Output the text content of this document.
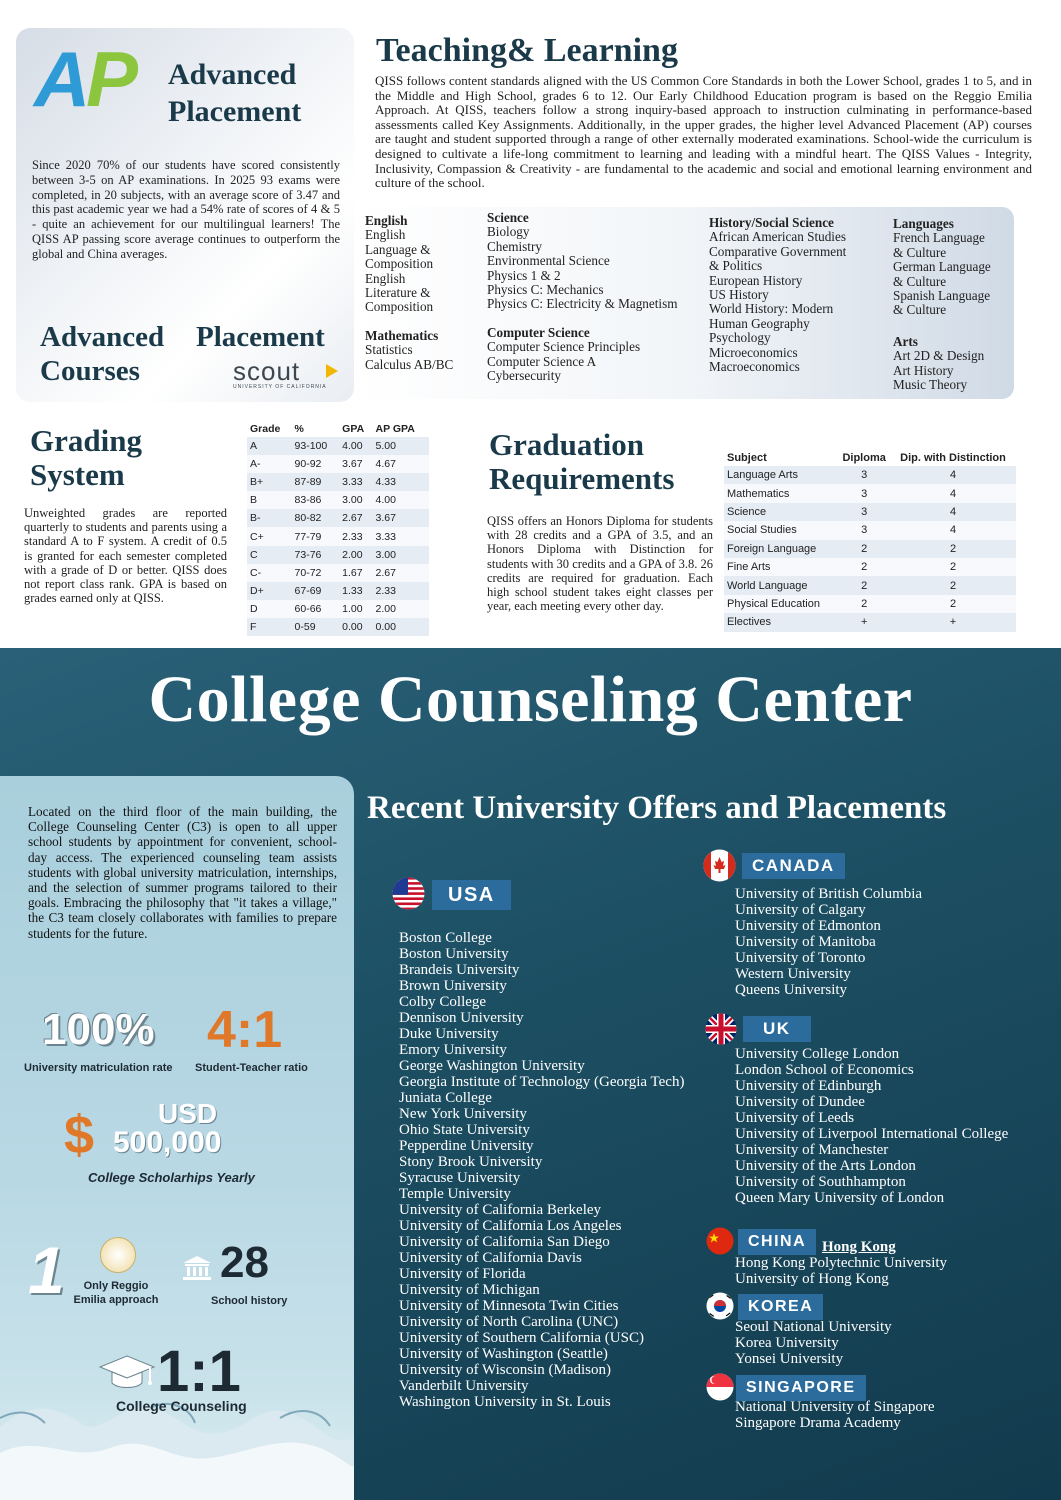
A P Advanced Placement
Since 2020 70% of our students have scored consistently between 3-5 on AP examinations. In 2025 93 exams were completed, in 20 subjects, with an average score of 3.47 and this past academic year we had a 54% rate of scores of 4 & 5 - quite an achievement for our multilingual learners! The QISS AP passing score average continues to outperform the global and China averages.
Advanced Courses
Placement
scout
UNIVERSITY OF CALIFORNIA
Teaching& Learning
QISS follows content standards aligned with the US Common Core Standards in both the Lower School, grades 1 to 5, and in the Middle and High School, grades 6 to 12. Our Early Childhood Education program is based on the Reggio Emilia Approach. At QISS, teachers follow a strong inquiry-based approach to instruction culminating in performance-based assessments called Key Assignments. Additionally, in the upper grades, the higher level Advanced Placement (AP) courses are taught and student supported through a range of other externally moderated examinations. School-wide the curriculum is designed to cultivate a life-long commitment to learning and leading with a mindful heart. The QISS Values - Integrity, Inclusivity, Compassion & Creativity - are fundamental to the academic and social and emotional learning environment and culture of the school.
English
English
Language &
Composition
English
Literature &
Composition
Mathematics
Statistics
Calculus AB/BC
Science
Biology
Chemistry
Environmental Science
Physics 1 & 2
Physics C: Mechanics
Physics C: Electricity & Magnetism
Computer Science
Computer Science Principles
Computer Science A
Cybersecurity
History/Social Science
African American Studies
Comparative Government
& Politics
European History
US History
World History: Modern
Human Geography
Psychology
Microeconomics
Macroeconomics
Languages
French Language
& Culture
German Language
& Culture
Spanish Language
& Culture
Arts
Art 2D & Design
Art History
Music Theory
Grading System
Unweighted grades are reported quarterly to students and parents using a standard A to F system. A credit of 0.5 is granted for each semester completed with a grade of D or better. QISS does not report class rank. GPA is based on grades earned only at QISS.
Grade	%	GPA	AP GPA
A	93-100	4.00	5.00
A-	90-92	3.67	4.67
B+	87-89	3.33	4.33
B	83-86	3.00	4.00
B-	80-82	2.67	3.67
C+	77-79	2.33	3.33
C	73-76	2.00	3.00
C-	70-72	1.67	2.67
D+	67-69	1.33	2.33
D	60-66	1.00	2.00
F	0-59	0.00	0.00
Graduation Requirements
QISS offers an Honors Diploma for students with 28 credits and a GPA of 3.5, and an Honors Diploma with Distinction for students with 30 credits and a GPA of 3.8. 26 credits are required for graduation. Each high school student takes eight classes per year, each meeting every other day.
Subject	Diploma	Dip. with Distinction
Language Arts	3	4
Mathematics	3	4
Science	3	4
Social Studies	3	4
Foreign Language	2	2
Fine Arts	2	2
World Language	2	2
Physical Education	2	2
Electives	+	+
College Counseling Center
Located on the third floor of the main building, the College Counseling Center (C3) is open to all upper school students by appointment for convenient, school-day access. The experienced counseling team assists students with global university matriculation, internships, and the selection of summer programs tailored to their goals. Embracing the philosophy that "it takes a village," the C3 team closely collaborates with families to prepare students for the future.
100% 4:1
University matriculation rate Student-Teacher ratio
$ USD
500,000
College Scholarhips Yearly
1	Only Reggio
Emilia approach
28
School history
1:1
College Counseling
Recent University Offers and Placements
USA
Boston College
Boston University
Brandeis University
Brown University
Colby College
Dennison University
Duke University
Emory University
George Washington University
Georgia Institute of Technology (Georgia Tech)
Juniata College
New York University
Ohio State University
Pepperdine University
Stony Brook University
Syracuse University
Temple University
University of California Berkeley
University of California Los Angeles
University of California San Diego
University of California Davis
University of Florida
University of Michigan
University of Minnesota Twin Cities
University of North Carolina (UNC)
University of Southern California (USC)
University of Washington (Seattle)
University of Wisconsin (Madison)
Vanderbilt University
Washington University in St. Louis
CANADA
University of British Columbia
University of Calgary
University of Edmonton
University of Manitoba
University of Toronto
Western University
Queens University
UK
University College London
London School of Economics
University of Edinburgh
University of Dundee
University of Leeds
University of Liverpool International College
University of Manchester
University of the Arts London
University of Southhampton
Queen Mary University of London
CHINA	Hong Kong
Hong Kong Polytechnic University
University of Hong Kong
KOREA
Seoul National University
Korea University
Yonsei University
SINGAPORE
National University of Singapore
Singapore Drama Academy
